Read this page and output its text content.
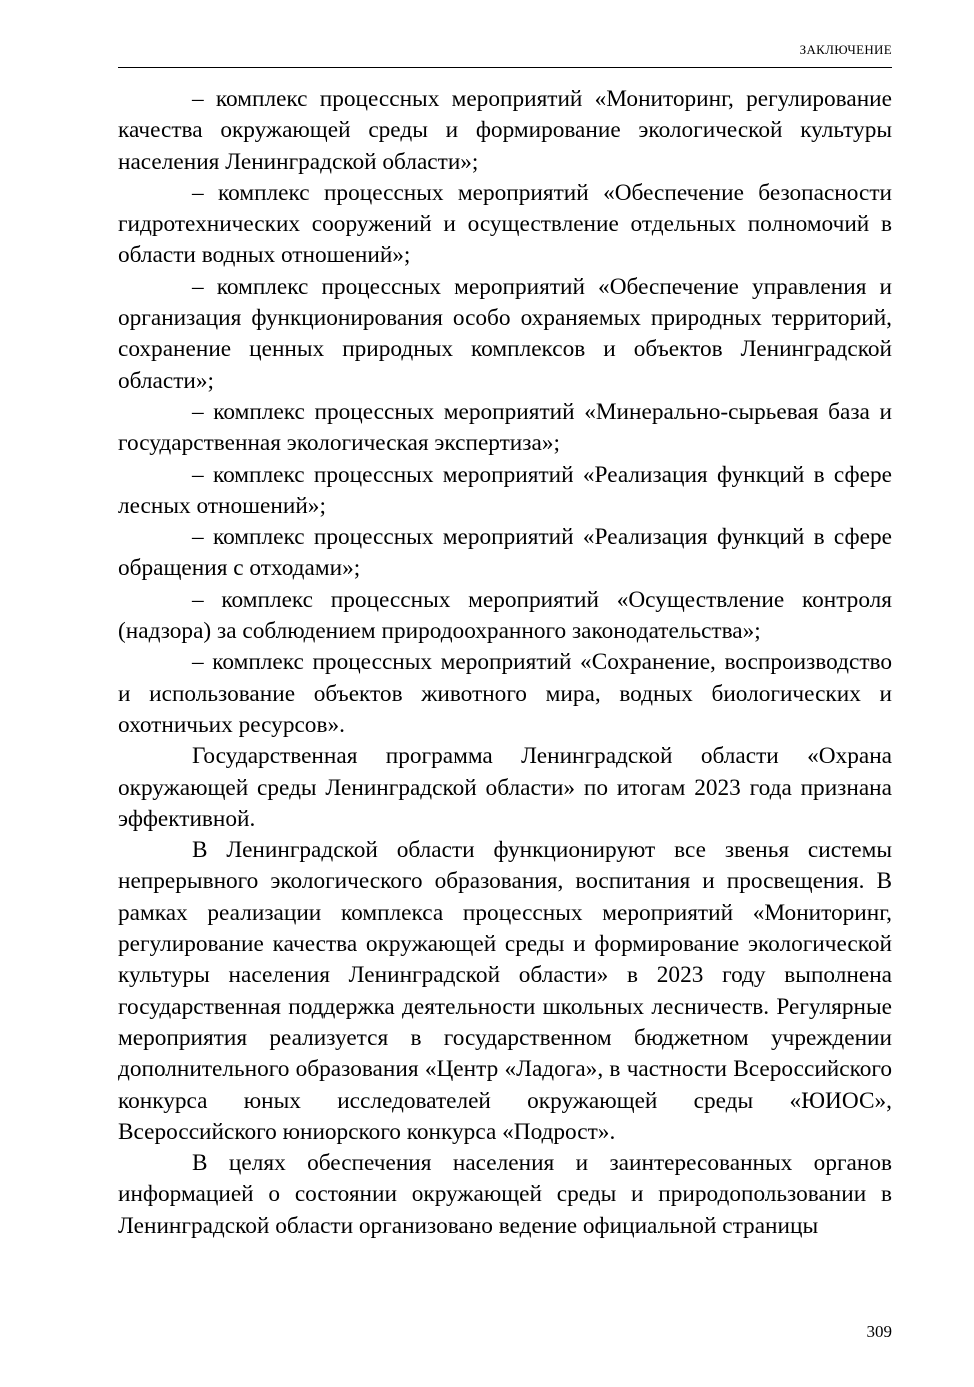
ЗАКЛЮЧЕНИЕ

– комплекс процессных мероприятий «Мониторинг, регулирование качества окружающей среды и формирование экологической культуры населения Ленинградской области»;

– комплекс процессных мероприятий «Обеспечение безопасности гидротехнических сооружений и осуществление отдельных полномочий в области водных отношений»;

– комплекс процессных мероприятий «Обеспечение управления и организация функционирования особо охраняемых природных территорий, сохранение ценных природных комплексов и объектов Ленинградской области»;

– комплекс процессных мероприятий «Минерально-сырьевая база и государственная экологическая экспертиза»;

– комплекс процессных мероприятий «Реализация функций в сфере лесных отношений»;

– комплекс процессных мероприятий «Реализация функций в сфере обращения с отходами»;

– комплекс процессных мероприятий «Осуществление контроля (надзора) за соблюдением природоохранного законодательства»;

– комплекс процессных мероприятий «Сохранение, воспроизводство и использование объектов животного мира, водных биологических и охотничьих ресурсов».

Государственная программа Ленинградской области «Охрана окружающей среды Ленинградской области» по итогам 2023 года признана эффективной.

В Ленинградской области функционируют все звенья системы непрерывного экологического образования, воспитания и просвещения. В рамках реализации комплекса процессных мероприятий «Мониторинг, регулирование качества окружающей среды и формирование экологической культуры населения Ленинградской области» в 2023 году выполнена государственная поддержка деятельности школьных лесничеств. Регулярные мероприятия реализуется в государственном бюджетном учреждении дополнительного образования «Центр «Ладога», в частности Всероссийского конкурса юных исследователей окружающей среды «ЮИОС», Всероссийского юниорского конкурса «Подрост».

В целях обеспечения населения и заинтересованных органов информацией о состоянии окружающей среды и природопользовании в Ленинградской области организовано ведение официальной страницы

309
